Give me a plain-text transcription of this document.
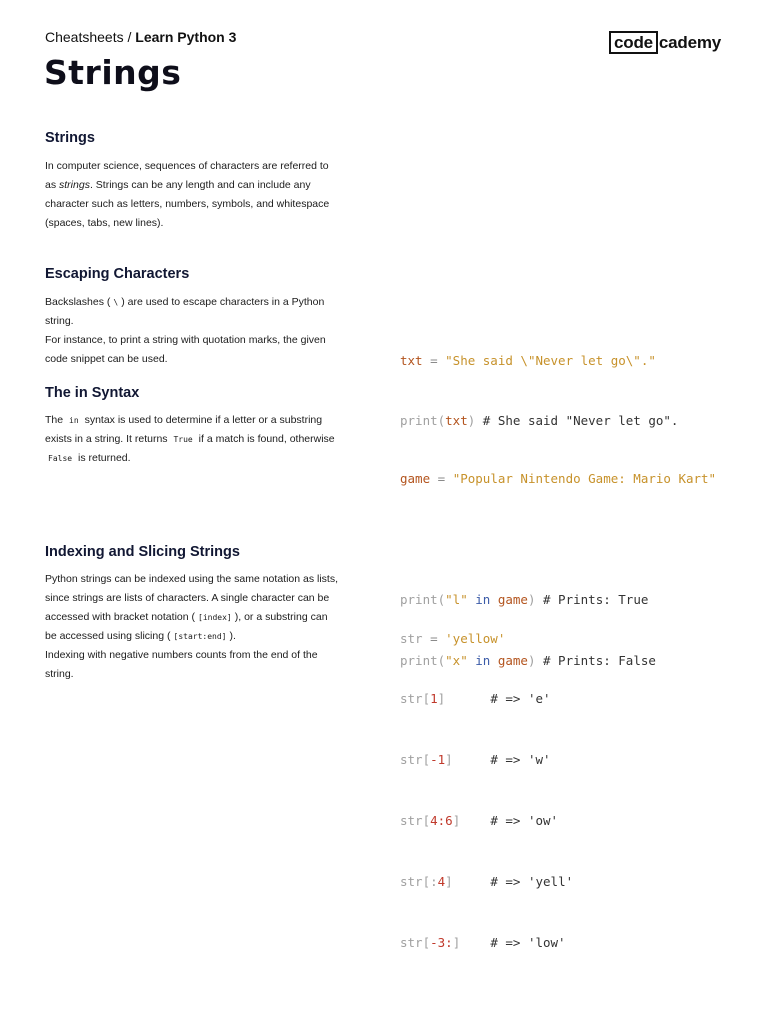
Cheatsheets / Learn Python 3	code cademy
Strings
Strings

In computer science, sequences of characters are referred to as strings. Strings can be any length and can include any character such as letters, numbers, symbols, and whitespace (spaces, tabs, new lines).

Escaping Characters

Backslashes ( \ ) are used to escape characters in a Python string.

For instance, to print a string with quotation marks, the given code snippet can be used.

	txt = "She said \"Never let go\"."

print(txt) # She said "Never let go".

The in Syntax

The in syntax is used to determine if a letter or a substring exists in a string. It returns True if a match is found, otherwise False is returned.

game = "Popular Nintendo Game: Mario Kart"

print("l" in game) # Prints: True

print("x" in game) # Prints: False

Indexing and Slicing Strings

Python strings can be indexed using the same notation as lists, since strings are lists of characters. A single character can be accessed with bracket notation ( [index] ), or a substring can be accessed using slicing ( [start:end] ).

Indexing with negative numbers counts from the end of the string.

str = 'yellow'

str[1]	# => 'e'

str[-1]	# => 'w'

str[4:6] # => 'ow'

str[:4]	# => 'yell'

str[-3:] # => 'low'
